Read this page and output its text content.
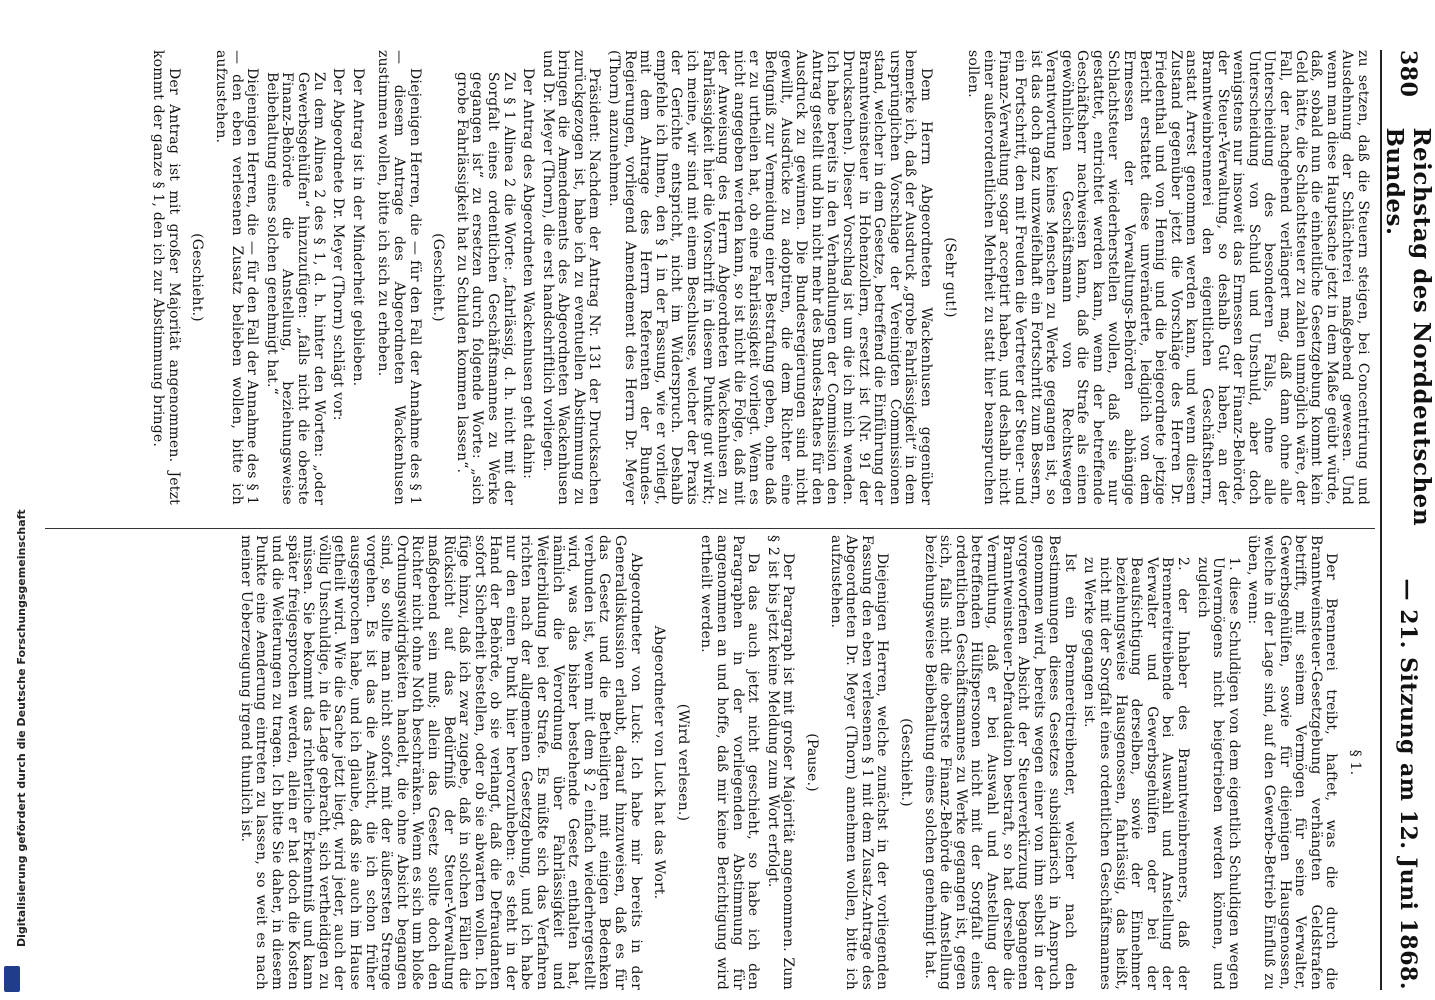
380
Reichstag des Norddeutschen Bundes.
— 21. Sitzung am 12. Juni 1868.

zu setzen, daß die Steuern steigen, bei Concentrirung und Ausdehnung der Schlächterei maßgebend gewesen. Und wenn man diese Hauptsache jetzt in dem Maße geübt würde, daß, sobald nun die einheitliche Gesetzgebung kommt kein Geld hätte, die Schlachtsteuer zu zahlen unmöglich wäre, der Fall, der nachgehend verlängert mag, daß dann ohne alle Unterscheidung des besonderen Falls, ohne alle Unterscheidung von Schuld und Unschuld, aber doch wenigstens nur insoweit das Ermessen der Finanz-Behörde, der Steuer-Verwaltung, so deshalb Gut haben, an der Branntweinbrennerei den eigentlichen Geschäftsherrn, anstatt Arrest genommen werden kann, und wenn diesem Zustand gegenüber jetzt die Vorschläge des Herren Dr. Friedenthal und von Hennig und die beigeordnete jetzige Bericht erstattet diese unveränderte, lediglich von dem Ermessen der Verwaltungs-Behörden abhängige Schlachtsteuer wiederherstellen wollen, daß sie nur gestattet, entrichtet werden kann, wenn der betreffende Geschäftsherr nachweisen kann, daß die Strafe als einen gewöhnlichen Geschäftsmann von Rechtswegen Verantwortung keines Menschen zu Werke gegangen ist, so ist das doch ganz unzweifelhaft ein Fortschritt zum Bessern, ein Fortschritt, den mit Freuden die Vertreter der Steuer- und Finanz-Verwaltung sogar acceptirt haben, und deshalb nicht einer außerordentlichen Mehrheit zu statt hier beanspruchen sollen.

(Sehr gut!)

Dem Herrn Abgeordneten Wackenhusen gegenüber bemerke ich, daß der Ausdruck „grobe Fahrlässigkeit“ in dem ursprünglichen Vorschlage der Vereinigten Commissionen stand, welcher in dem Gesetze, betreffend die Einführung der Branntweinsteuer in Hohenzollern, ersetzt ist (Nr. 91 der Drucksachen). Dieser Vorschlag ist um die ich mich wenden. Ich habe bereits in den Verhandlungen der Commission den Antrag gestellt und bin nicht mehr des Bundes-Rathes für den Ausdruck zu gewinnen. Die Bundesregierungen sind nicht gewillt, Ausdrücke zu adoptiren, die dem Richter eine Befugniß zur Vermeidung einer Bestrafung geben, ohne daß er zu urtheilen hat, ob eine Fahrlässigkeit vorliegt. Wenn es nicht angegeben werden kann, so ist nicht die Folge, daß mit der Anweisung des Herrn Abgeordneten Wackenhusen zu Fahrlässigkeit hier die Vorschrift in diesem Punkte gut wirkt; ich meine, wir sind mit einem Beschlusse, welcher der Praxis der Gerichte entspricht, nicht im Widerspruch. Deshalb empfehle ich Ihnen, den § 1 in der Fassung, wie er vorliegt, mit dem Antrage des Herrn Referenten der Bundes-Regierungen, vorliegend Amendement des Herrn Dr. Meyer (Thorn) anzunehmen.

Präsident: Nachdem der Antrag Nr. 131 der Drucksachen zurückgezogen ist, habe ich zu eventuellen Abstimmung zu bringen die Amendements des Abgeordneten Wackenhusen und Dr. Meyer (Thorn), die erst handschriftlich vorliegen.

Der Antrag des Abgeordneten Wackenhusen geht dahin:

Zu § 1 Alinea 2 die Worte: „fahrlässig, d. h. nicht mit der Sorgfalt eines ordentlichen Geschäftsmannes zu Werke gegangen ist“ zu ersetzen durch folgende Worte: „sich grobe Fahrlässigkeit hat zu Schulden kommen lassen“.

(Geschieht.)

Diejenigen Herren, die — für den Fall der Annahme des § 1 — diesem Antrage des Abgeordneten Wackenhusen zustimmen wollen, bitte ich sich zu erheben.

Der Antrag ist in der Minderheit geblieben.

Der Abgeordnete Dr. Meyer (Thorn) schlägt vor:

Zu dem Alinea 2 des § 1, d. h. hinter den Worten: „oder Gewerbsgehülfen“ hinzuzufügen: „falls nicht die oberste Finanz-Behörde die Anstellung, beziehungsweise Beibehaltung eines solchen genehmigt hat.“

Diejenigen Herren, die — für den Fall der Annahme des § 1 — den eben verlesenen Zusatz belieben wollen, bitte ich aufzustehen.

(Geschieht.)

Der Antrag ist mit großer Majorität angenommen. Jetzt kommt der ganze § 1, den ich zur Abstimmung bringe.

§ 1.

Der Brennerei treibt, haftet, was die durch die Branntweinsteuer-Gesetzgebung verhängten Geldstrafen betrifft, mit seinem Vermögen für seine Verwalter, Gewerbsgehülfen, sowie für diejenigen Hausgenossen, welche in der Lage sind, auf den Gewerbe-Betrieb Einfluß zu üben, wenn:

1. diese Schuldigen von dem eigentlich Schuldigen wegen Unvermögens nicht beigetrieben werden können, und zugleich

2. der Inhaber des Branntweinbrenners, daß der Brennereitreibende bei Auswahl und Anstellung der Verwalter und Gewerbsgehülfen oder bei der Beaufsichtigung derselben, sowie der Einnehmer beziehungsweise Hausgenossen, fahrlässig, das heißt, nicht mit der Sorgfalt eines ordentlichen Geschäftsmannes zu Werke gegangen ist.

Ist ein Brennereitreibender, welcher nach den Bestimmungen dieses Gesetzes subsidiarisch in Anspruch genommen wird, bereits wegen einer von ihm selbst in der vorgeworfenen Absicht der Steuerverkürzung begangenen Branntweinsteuer-Defraudation bestraft, so hat derselbe die Vermuthung, daß er bei Auswahl und Anstellung der betreffenden Hülfspersonen nicht mit der Sorgfalt eines ordentlichen Geschäftsmannes zu Werke gegangen ist, gegen sich, falls nicht die oberste Finanz-Behörde die Anstellung beziehungsweise Beibehaltung eines solchen genehmigt hat.

(Geschieht.)

Diejenigen Herren, welche zunächst in der vorliegenden Fassung den eben verlesenen § 1 mit dem Zusatz-Antrage des Abgeordneten Dr. Meyer (Thorn) annehmen wollen, bitte ich aufzustehen.

(Pause.)

Der Paragraph ist mit großer Majorität angenommen. Zum § 2 ist bis jetzt keine Meldung zum Wort erfolgt.

Da das auch jetzt nicht geschieht, so habe ich den Paragraphen in der vorliegenden Abstimmung für angenommen an und hoffe, daß mir keine Berichtigung wird ertheilt werden.

(Wird verlesen.)

Abgeordneter von Luck hat das Wort.

Abgeordneter von Luck: Ich habe mir bereits in der Generaldiskussion erlaubt, darauf hinzuweisen, daß es für das Gesetz und die Betheiligten mit einigen Bedenken verbunden ist, wenn mit dem § 2 einfach wiederhergestellt wird, was das bisher bestehende Gesetz enthalten hat, nämlich die Verordnung über Fahrlässigkeit und Weiterbildung bei der Strafe. Es müßte sich das Verfahren richten nach der allgemeinen Gesetzgebung, und ich habe nur den einen Punkt hier hervorzuheben: es steht in der Hand der Behörde, ob sie verlangt, daß die Defraudanten sofort Sicherheit bestellen, oder ob sie abwarten wollen. Ich füge hinzu, daß ich zwar zugebe, daß in solchen Fällen die Rücksicht auf das Bedürfniß der Steuer-Verwaltung maßgebend sein muß; allein das Gesetz sollte doch den Richter nicht ohne Noth beschränken. Wenn es sich um bloße Ordnungswidrigkeiten handelt, die ohne Absicht begangen sind, so sollte man nicht sofort mit der äußersten Strenge vorgehen. Es ist das die Ansicht, die ich schon früher ausgesprochen habe, und ich glaube, daß sie auch im Hause getheilt wird. Wie die Sache jetzt liegt, wird jeder, auch der völlig Unschuldige, in die Lage gebracht, sich vertheidigen zu müssen. Sie bekommt das richterliche Erkenntniß und kann später freigesprochen werden, allein er hat doch die Kosten und die Weiterungen zu tragen. Ich bitte Sie daher, in diesem Punkte eine Aenderung eintreten zu lassen, so weit es nach meiner Ueberzeugung irgend thunlich ist.

Digitalisierung gefördert durch die Deutsche Forschungsgemeinschaft
